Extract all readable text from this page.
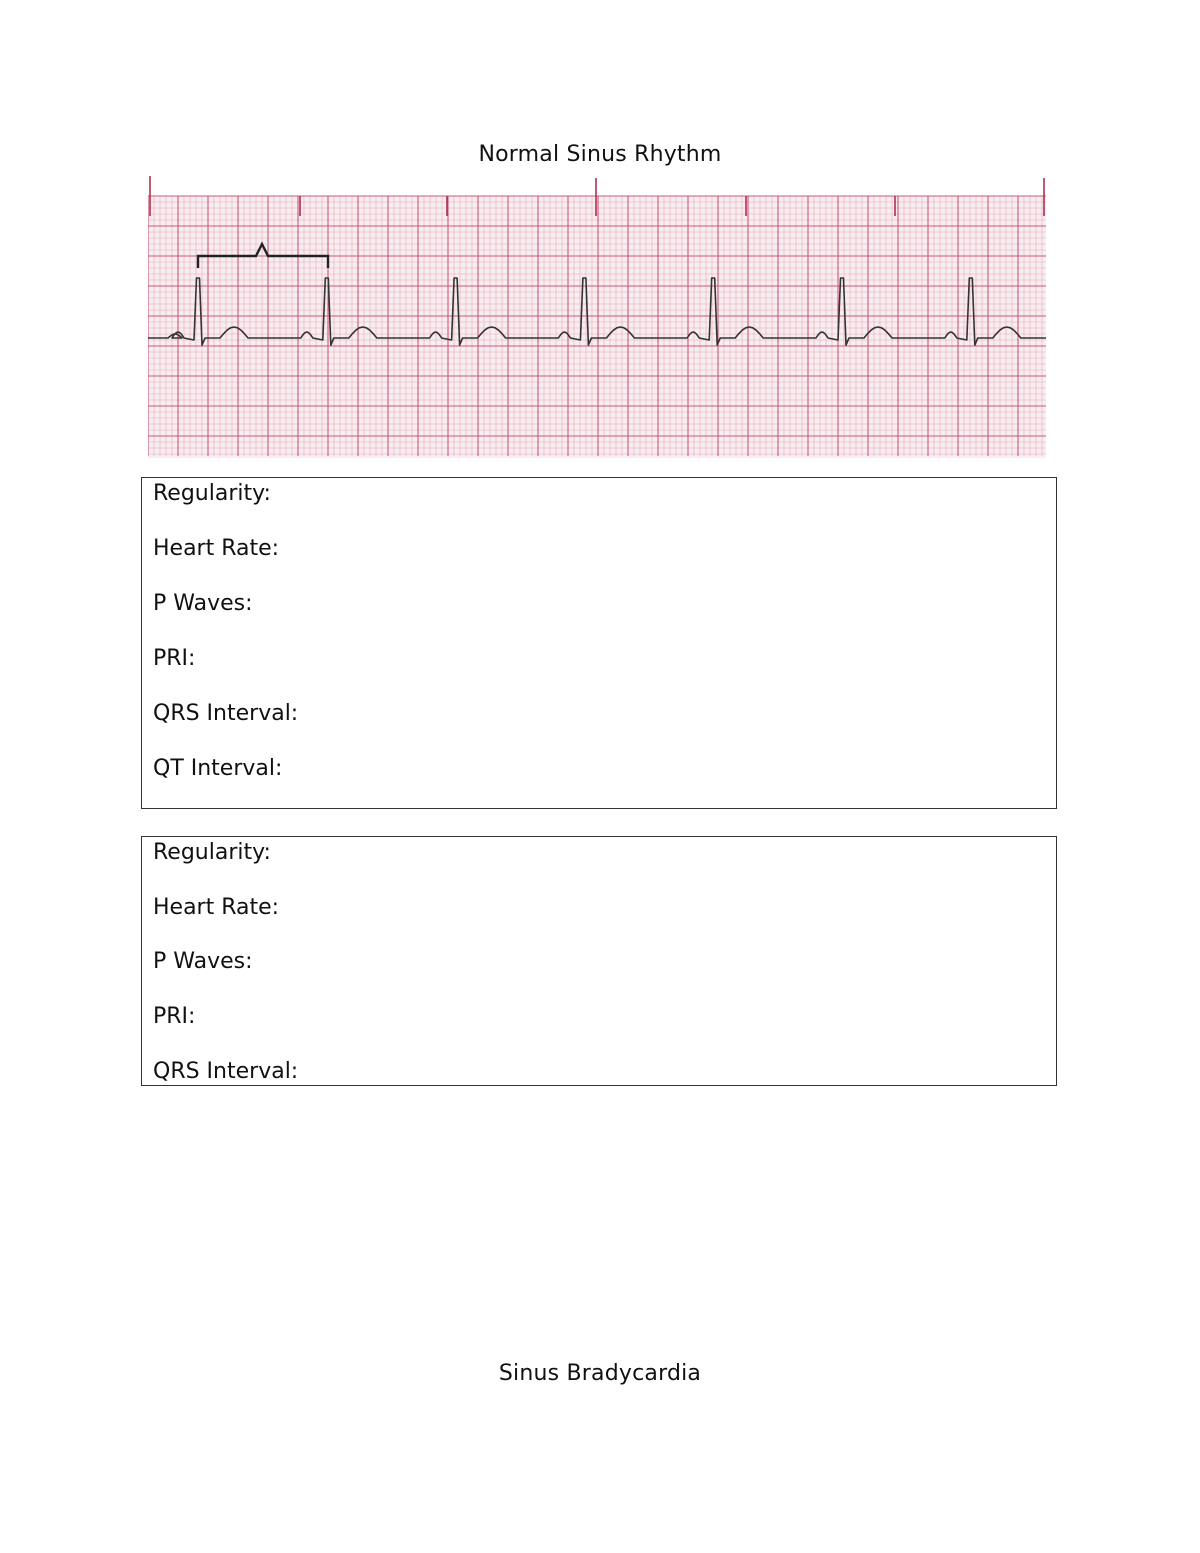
Normal Sinus Rhythm
Regularity:
Heart Rate:
P Waves:
PRI:
QRS Interval:
QT Interval:
Regularity:
Heart Rate:
P Waves:
PRI:
QRS Interval:
Sinus Bradycardia
